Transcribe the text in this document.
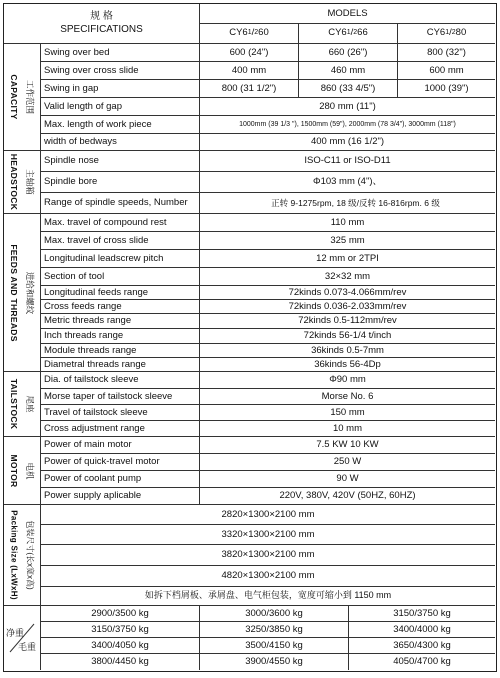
规 格
SPECIFICATIONS
MODELS
CY6 1 / 2 60	CY6 1 / 2 66	CY6 1 / 2 80
CAPACITY 工作范围
Swing over bed	600 (24")	660 (26")	800 (32")
Swing over cross slide	400 mm	460 mm	600 mm
Swing in gap	800 (31 1/2")	860 (33 4/5")	1000 (39")
Valid length of gap	280 mm (11")
Max. length of work piece	1000mm (39 1/3 "), 1500mm (59"), 2000mm (78 3/4"), 3000mm (118")
width of bedways	400 mm (16 1/2")
HEADSTOCK 主轴箱
Spindle nose	ISO-C11 or ISO-D11
Spindle bore	Φ103 mm (4")、
Range of spindle speeds, Number	正转 9-1275rpm, 18 级/反转 16-816rpm. 6 级
FEEDS AND THREADS 进给和螺纹
Max. travel of compound rest	110 mm
Max. travel of cross slide	325 mm
Longitudinal leadscrew pitch	12 mm or 2TPI
Section of tool	32×32 mm
Longitudinal feeds range	72kinds 0.073-4.066mm/rev
Cross feeds range	72kinds 0.036-2.033mm/rev
Metric threads range	72kinds 0.5-112mm/rev
Inch threads range	72kinds 56-1/4 t/inch
Module threads range	36kinds 0.5-7mm
Diametral threads range	36kinds 56-4Dp
TAILSTOCK 尾座
Dia. of tailstock sleeve	Φ90 mm
Morse taper of tailstock sleeve	Morse No. 6
Travel of tailstock sleeve	150 mm
Cross adjustment range	10 mm
MOTOR 电机
Power of main motor	7.5 KW 10 KW
Power of quick-travel motor	250 W
Power of coolant pump	90 W
Power supply aplicable	220V, 380V, 420V (50HZ, 60HZ)
Packing Size (LxWxH) 包装尺寸(长x宽x高)
2820×1300×2100 mm
3320×1300×2100 mm
3820×1300×2100 mm
4820×1300×2100 mm
如拆下档屑板、承屑盘、电气柜包装，宽度可缩小到 1150 mm
净重
毛重
2900/3500 kg	3000/3600 kg	3150/3750 kg
3150/3750 kg	3250/3850 kg	3400/4000 kg
3400/4050 kg	3500/4150 kg	3650/4300 kg
3800/4450 kg	3900/4550 kg	4050/4700 kg
